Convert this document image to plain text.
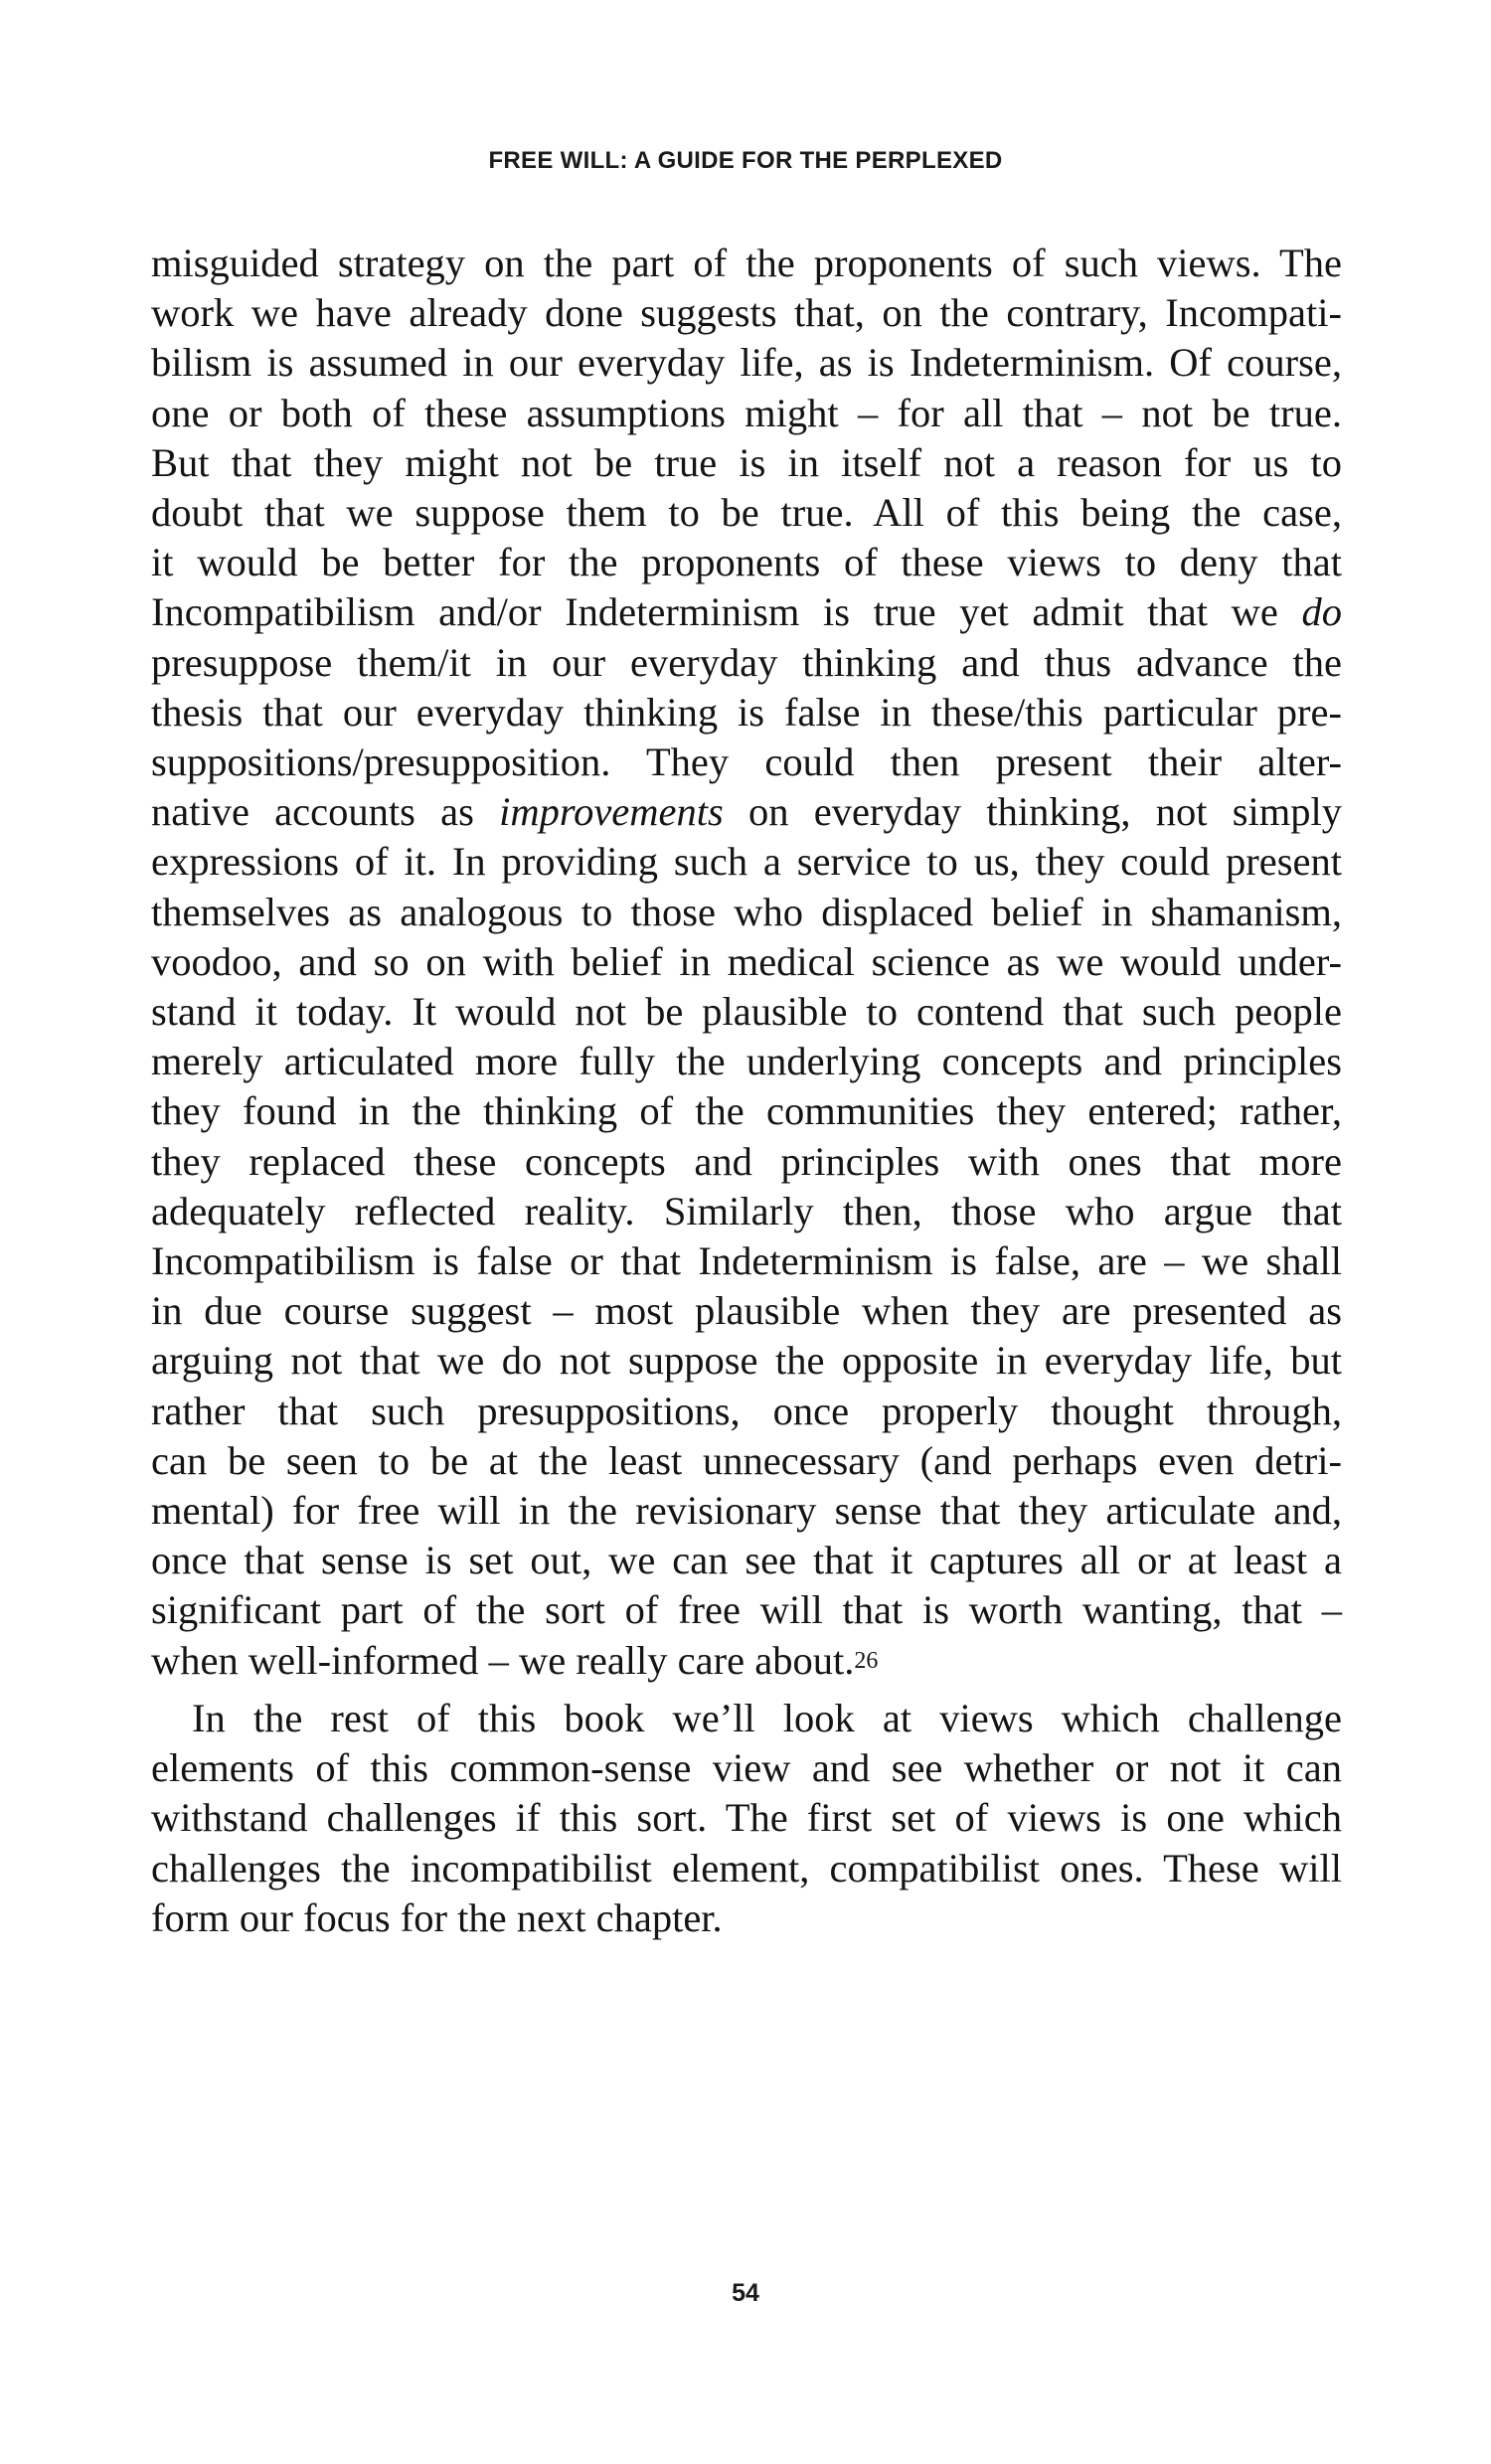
FREE WILL: A GUIDE FOR THE PERPLEXED
misguided strategy on the part of the proponents of such views. The
work we have already done suggests that, on the contrary, Incompati-
bilism is assumed in our everyday life, as is Indeterminism. Of course,
one or both of these assumptions might – for all that – not be true.
But that they might not be true is in itself not a reason for us to
doubt that we suppose them to be true. All of this being the case,
it would be better for the proponents of these views to deny that
Incompatibilism and/or Indeterminism is true yet admit that we do
presuppose them/it in our everyday thinking and thus advance the
thesis that our everyday thinking is false in these/this particular pre-
suppositions/presupposition. They could then present their alter-
native accounts as improvements on everyday thinking, not simply
expressions of it. In providing such a service to us, they could present
themselves as analogous to those who displaced belief in shamanism,
voodoo, and so on with belief in medical science as we would under-
stand it today. It would not be plausible to contend that such people
merely articulated more fully the underlying concepts and principles
they found in the thinking of the communities they entered; rather,
they replaced these concepts and principles with ones that more
adequately reflected reality. Similarly then, those who argue that
Incompatibilism is false or that Indeterminism is false, are – we shall
in due course suggest – most plausible when they are presented as
arguing not that we do not suppose the opposite in everyday life, but
rather that such presuppositions, once properly thought through,
can be seen to be at the least unnecessary (and perhaps even detri-
mental) for free will in the revisionary sense that they articulate and,
once that sense is set out, we can see that it captures all or at least a
significant part of the sort of free will that is worth wanting, that –
when well-informed – we really care about.$^{26}$
In the rest of this book we’ll look at views which challenge
elements of this common-sense view and see whether or not it can
withstand challenges if this sort. The first set of views is one which
challenges the incompatibilist element, compatibilist ones. These will
form our focus for the next chapter.
54
